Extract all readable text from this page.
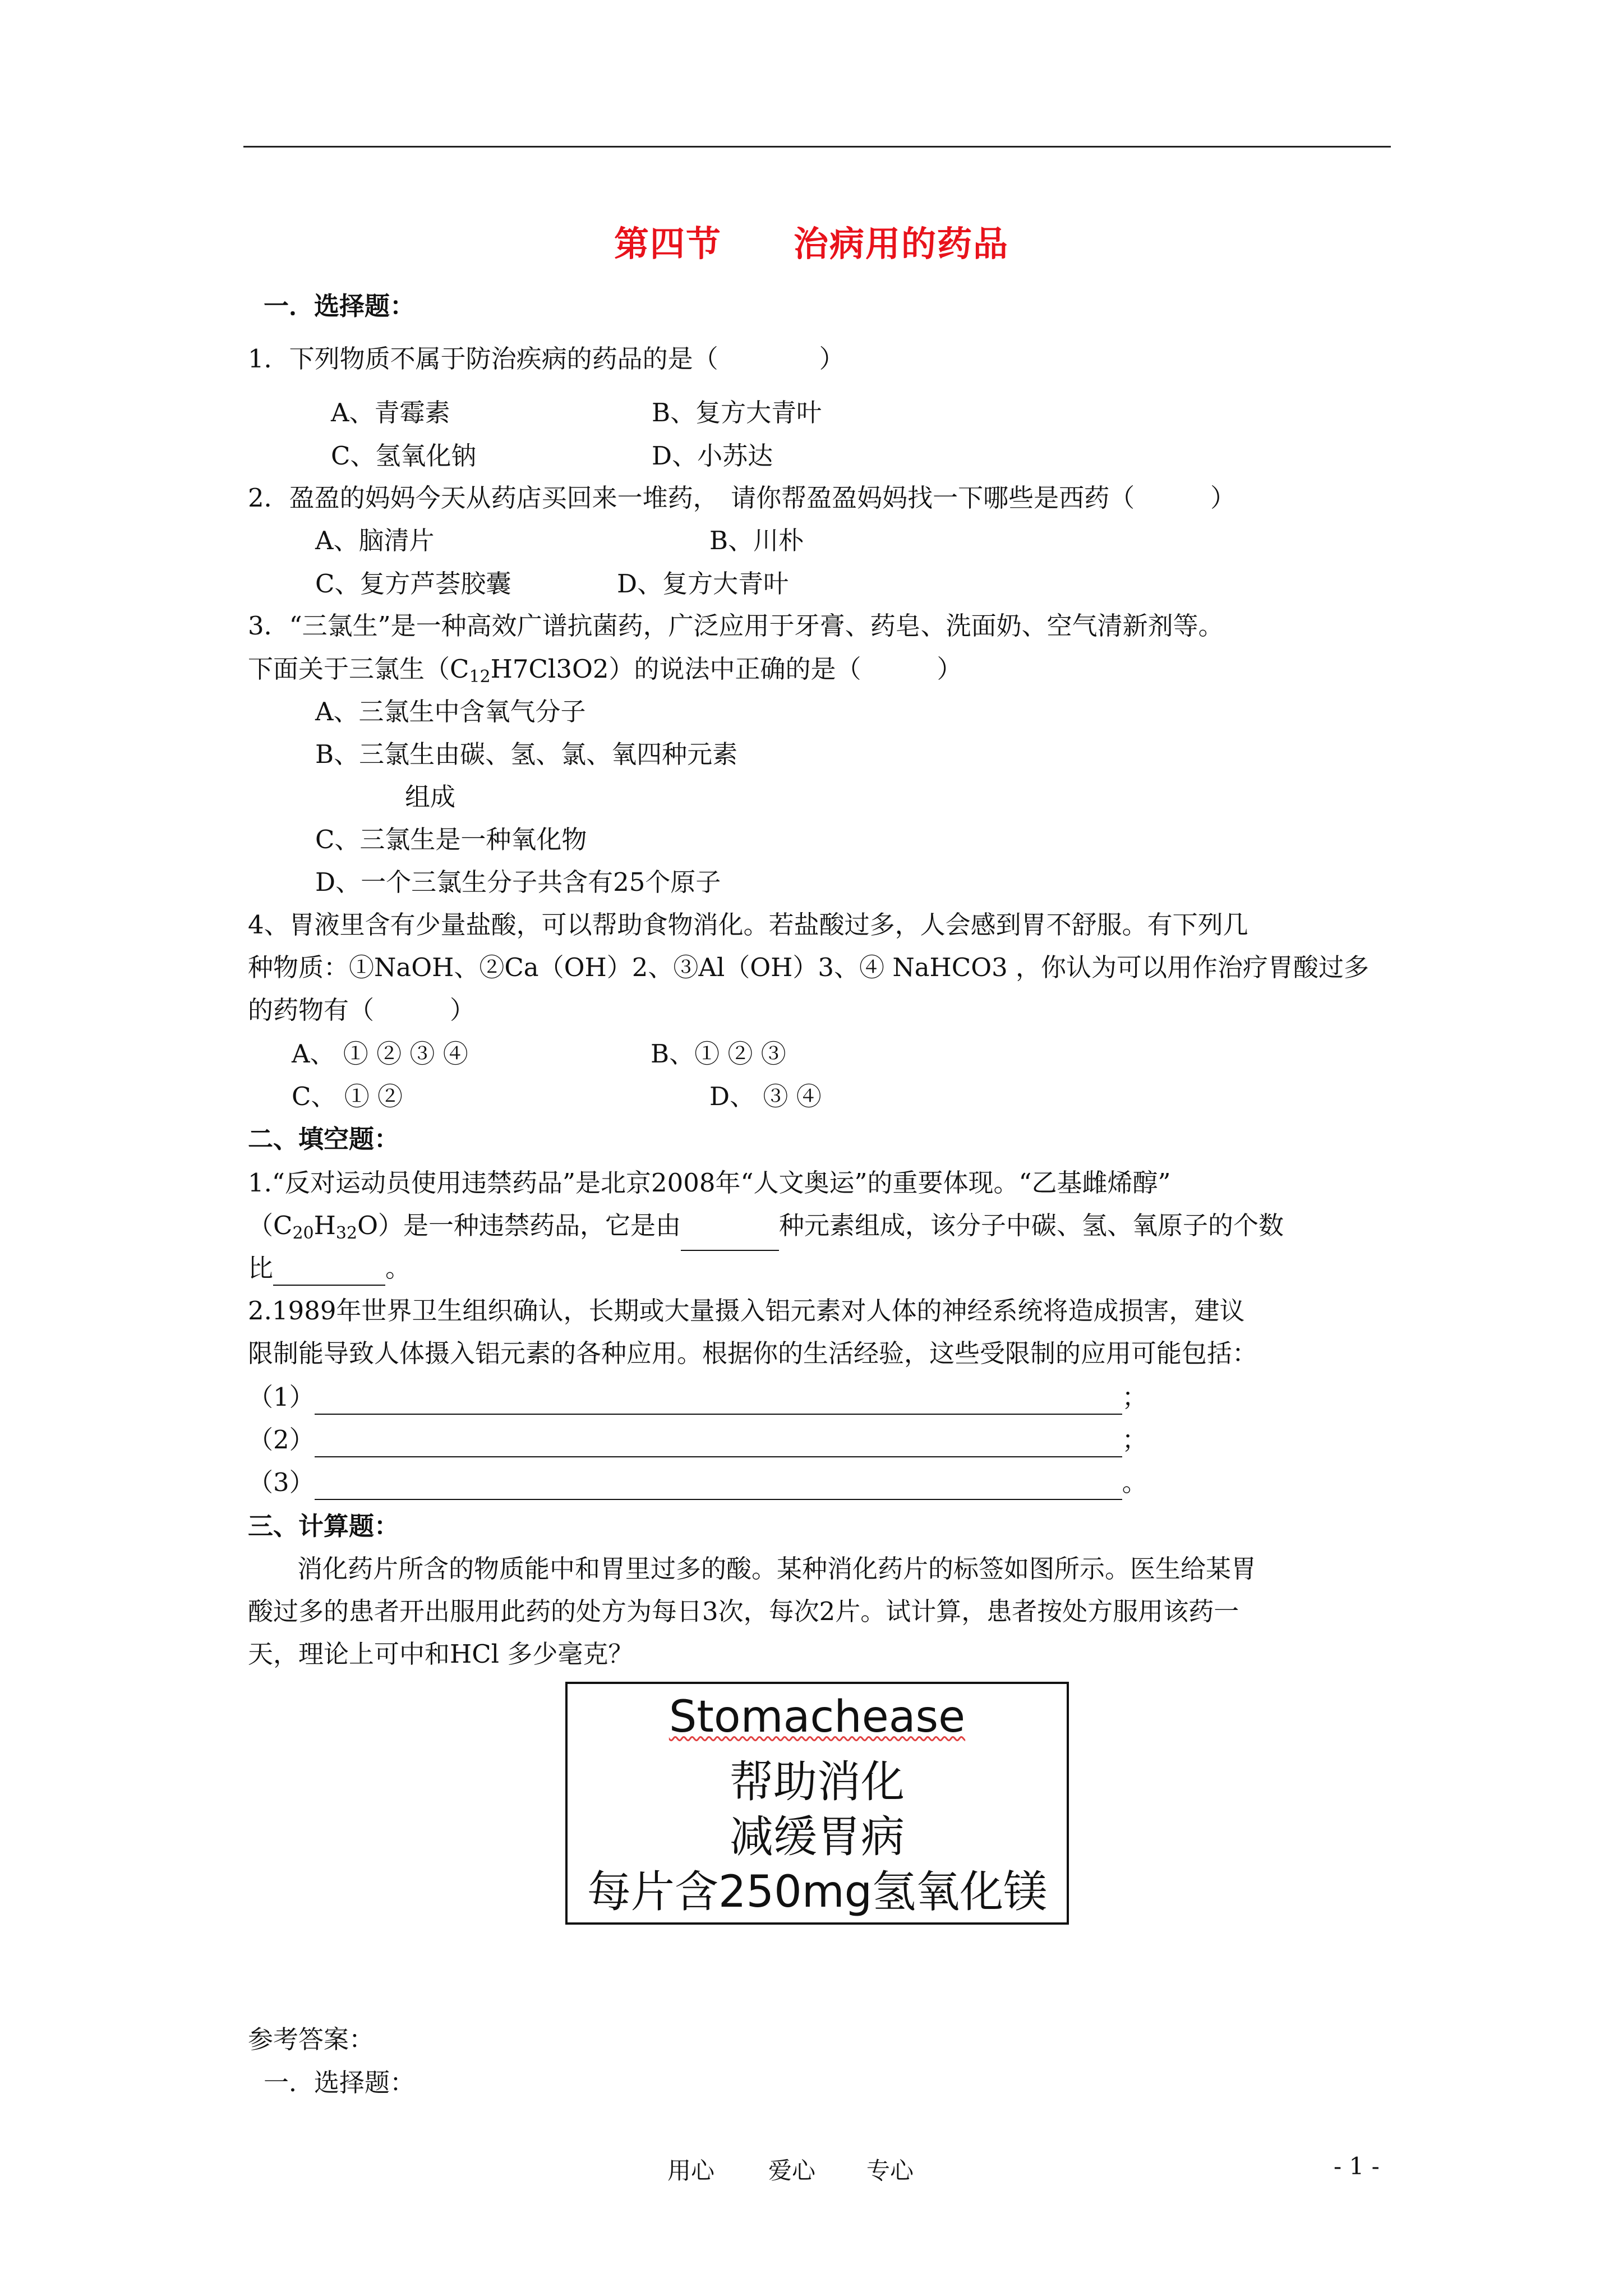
第四节　　治病用的药品
一．选择题：
1．下列物质不属于防治疾病的药品的是（　　　　）
A、青霉素	B、复方大青叶
C、氢氧化钠	D、小苏达
2．盈盈的妈妈今天从药店买回来一堆药，　请你帮盈盈妈妈找一下哪些是西药（　　　）
A、脑清片	B、川朴
C、复方芦荟胶囊	D、复方大青叶
3．“三氯生”是一种高效广谱抗菌药，广泛应用于牙膏、药皂、洗面奶、空气清新剂等。
下面关于三氯生$(C_{12}H7Cl3O2)$的说法中正确的是（　　　）
A、三氯生中含氧气分子
B、三氯生由碳、氢、氯、氧四种元素
组成
C、三氯生是一种氧化物
D、一个三氯生分子共含有25个原子
4、胃液里含有少量盐酸，可以帮助食物消化。若盐酸过多，人会感到胃不舒服。有下列几
种物质：①NaOH、②Ca（OH）2、③Al（OH）3、④ NaHCO3 ，你认为可以用作治疗胃酸过多
的药物有（　　　）
A、 ① ② ③ ④	B、① ② ③
C、 ① ②	D、 ③ ④
二、填空题：
1.“反对运动员使用违禁药品”是北京2008年“人文奥运”的重要体现。“乙基雌烯醇”
$(C_{20}H_{32}O)$是一种违禁药品，它是由	种元素组成，该分子中碳、氢、氧原子的个数
比	。
2.1989年世界卫生组织确认，长期或大量摄入铝元素对人体的神经系统将造成损害，建议
限制能导致人体摄入铝元素的各种应用。根据你的生活经验，这些受限制的应用可能包括：
（1）	；
（2）	；
（3）	。
三、计算题：
消化药片所含的物质能中和胃里过多的酸。某种消化药片的标签如图所示。医生给某胃
酸过多的患者开出服用此药的处方为每日3次，每次2片。试计算，患者按处方服用该药一
天，理论上可中和HCl 多少毫克？
Stomachease
帮助消化
减缓胃病
每片含250mg氢氧化镁
参考答案：
一．选择题：
用心 爱心 专心	- 1 -
